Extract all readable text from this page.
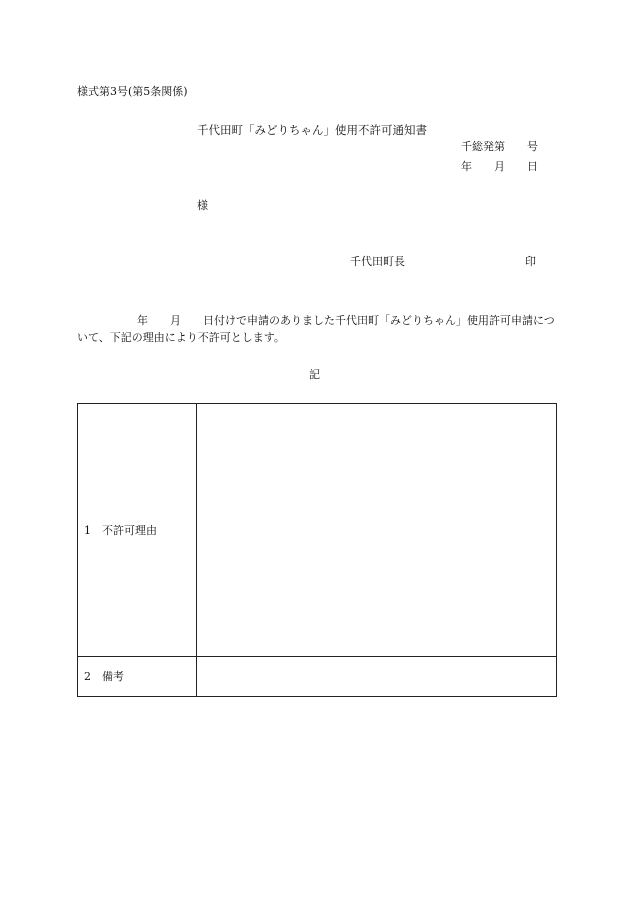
様式第3号(第5条関係)
千代田町「みどりちゃん」使用不許可通知書
千総発第　　号
年　　月　　日
様
千代田町長	印
年　　月　　日付けで申請のありました千代田町「みどりちゃん」使用許可申請について、下記の理由により不許可とします。
記
1　不許可理由	
2　備考	
